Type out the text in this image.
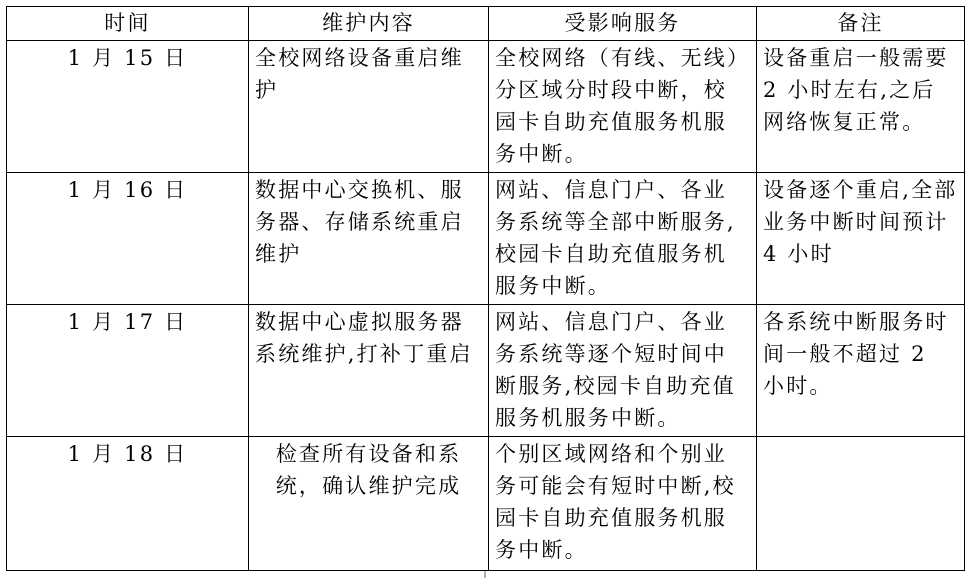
时间	维护内容	受影响服务	备注
1 月 15 日	全校网络设备重启维护	全校网络（有线、无线）分区域分时段中断，校园卡自助充值服务机服务中断。	设备重启一般需要 2 小时左右,之后网络恢复正常。
1 月 16 日	数据中心交换机、服务器、存储系统重启维护	网站、信息门户、各业务系统等全部中断服务,校园卡自助充值服务机服务中断。	设备逐个重启,全部业务中断时间预计 4 小时
1 月 17 日	数据中心虚拟服务器系统维护,打补丁重启	网站、信息门户、各业务系统等逐个短时间中断服务,校园卡自助充值服务机服务中断。	各系统中断服务时间一般不超过 2 小时。
1 月 18 日	检查所有设备和系统，确认维护完成	个别区域网络和个别业务可能会有短时中断,校园卡自助充值服务机服务中断。	
